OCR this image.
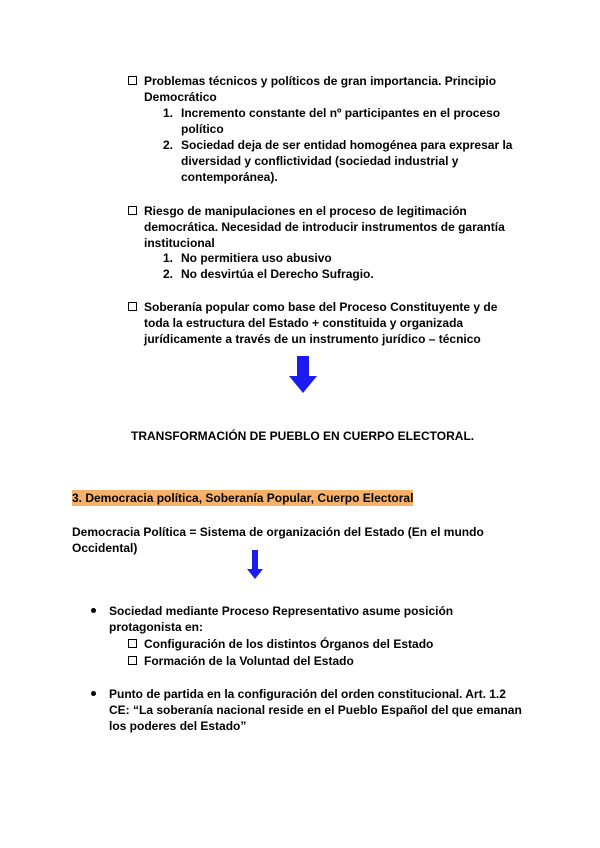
Problemas técnicos y políticos de gran importancia. Principio
Democrático
1. Incremento constante del nº participantes en el proceso
político
2. Sociedad deja de ser entidad homogénea para expresar la
diversidad y conflictividad (sociedad industrial y
contemporánea).
Riesgo de manipulaciones en el proceso de legitimación
democrática. Necesidad de introducir instrumentos de garantía
institucional
1. No permitiera uso abusivo
2. No desvirtúa el Derecho Sufragio.
Soberanía popular como base del Proceso Constituyente y de
toda la estructura del Estado + constituida y organizada
jurídicamente a través de un instrumento jurídico – técnico
TRANSFORMACIÓN DE PUEBLO EN CUERPO ELECTORAL.
3. Democracia política, Soberanía Popular, Cuerpo Electoral
Democracia Política = Sistema de organización del Estado (En el mundo
Occidental)
Sociedad mediante Proceso Representativo asume posición
protagonista en:
Configuración de los distintos Órganos del Estado
Formación de la Voluntad del Estado
Punto de partida en la configuración del orden constitucional. Art. 1.2
CE: “La soberanía nacional reside en el Pueblo Español del que emanan
los poderes del Estado”
